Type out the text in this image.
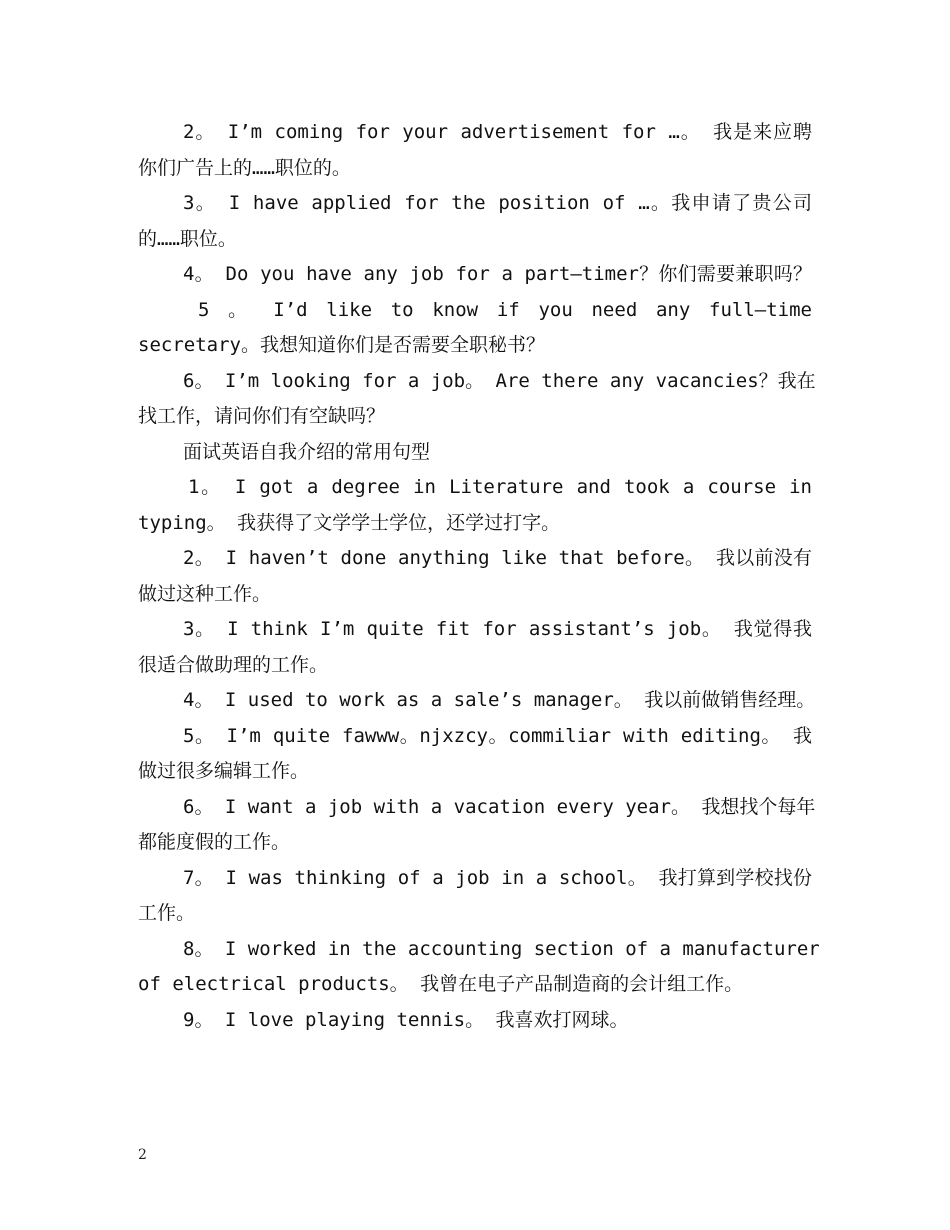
2。 I’m coming for your advertisement for …。 我是来应聘
你们广告上的……职位的。
3。 I have applied for the position of …。我申请了贵公司
的……职位。
4。 Do you have any job for a part—timer？你们需要兼职吗？
5 。 I’d like to know if you need any full—time
secretary。我想知道你们是否需要全职秘书？
6。 I’m looking for a job。 Are there any vacancies？我在
找工作，请问你们有空缺吗？
面试英语自我介绍的常用句型
1。 I got a degree in Literature and took a course in
typing。 我获得了文学学士学位，还学过打字。
2。 I haven’t done anything like that before。 我以前没有
做过这种工作。
3。 I think I’m quite fit for assistant’s job。 我觉得我
很适合做助理的工作。
4。 I used to work as a sale’s manager。 我以前做销售经理。
5。 I’m quite fawww。njxzcy。commiliar with editing。 我
做过很多编辑工作。
6。 I want a job with a vacation every year。 我想找个每年
都能度假的工作。
7。 I was thinking of a job in a school。 我打算到学校找份
工作。
8。 I worked in the accounting section of a manufacturer
of electrical products。 我曾在电子产品制造商的会计组工作。
9。 I love playing tennis。 我喜欢打网球。
2
